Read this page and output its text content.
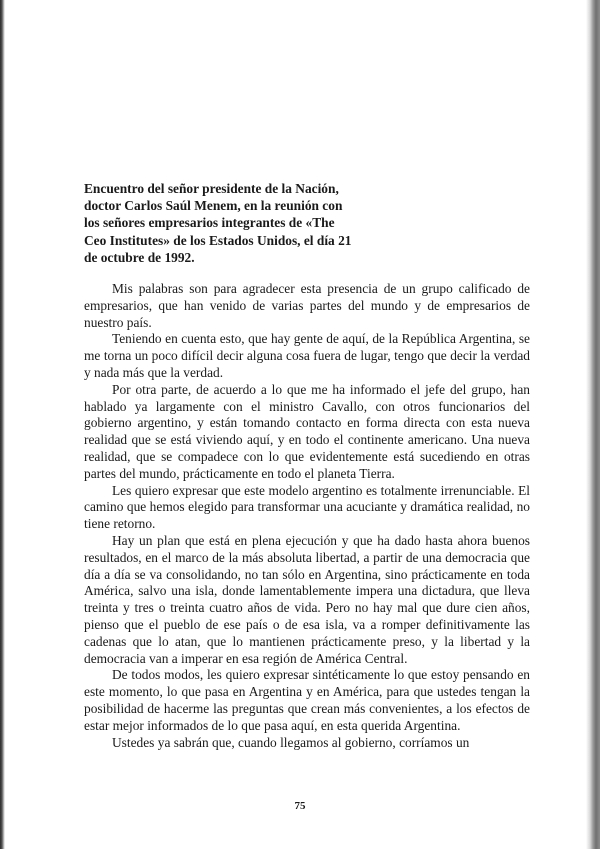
Encuentro del señor presidente de la Nación,
doctor Carlos Saúl Menem, en la reunión con
los señores empresarios integrantes de «The
Ceo Institutes» de los Estados Unidos, el día 21
de octubre de 1992.

Mis palabras son para agradecer esta presencia de un grupo calificado de empresarios, que han venido de varias partes del mundo y de empresarios de nuestro país.

Teniendo en cuenta esto, que hay gente de aquí, de la República Argentina, se me torna un poco difícil decir alguna cosa fuera de lugar, tengo que decir la verdad y nada más que la verdad.

Por otra parte, de acuerdo a lo que me ha informado el jefe del grupo, han hablado ya largamente con el ministro Cavallo, con otros funcionarios del gobierno argentino, y están tomando contacto en forma directa con esta nueva realidad que se está viviendo aquí, y en todo el continente americano. Una nueva realidad, que se compadece con lo que evidentemente está sucediendo en otras partes del mundo, prácticamente en todo el planeta Tierra.

Les quiero expresar que este modelo argentino es totalmente irrenunciable. El camino que hemos elegido para transformar una acuciante y dramática realidad, no tiene retorno.

Hay un plan que está en plena ejecución y que ha dado hasta ahora buenos resultados, en el marco de la más absoluta libertad, a partir de una democracia que día a día se va consolidando, no tan sólo en Argentina, sino prácticamente en toda América, salvo una isla, donde lamentablemente impera una dictadura, que lleva treinta y tres o treinta cuatro años de vida. Pero no hay mal que dure cien años, pienso que el pueblo de ese país o de esa isla, va a romper definitivamente las cadenas que lo atan, que lo mantienen prácticamente preso, y la libertad y la democracia van a imperar en esa región de América Central.

De todos modos, les quiero expresar sintéticamente lo que estoy pensando en este momento, lo que pasa en Argentina y en América, para que ustedes tengan la posibilidad de hacerme las preguntas que crean más convenientes, a los efectos de estar mejor informados de lo que pasa aquí, en esta querida Argentina.

Ustedes ya sabrán que, cuando llegamos al gobierno, corríamos un

75
